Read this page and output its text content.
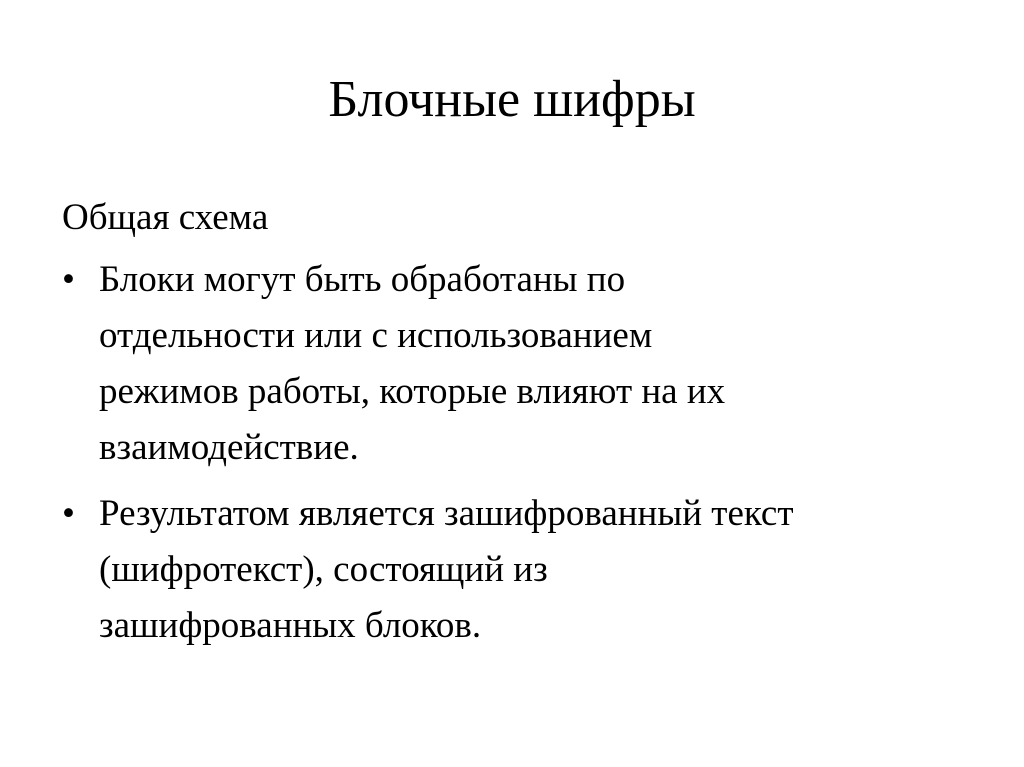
Блочные шифры

Общая схема

• Блоки могут быть обработаны по
отдельности или с использованием
режимов работы, которые влияют на их
взаимодействие.
• Результатом является зашифрованный текст
(шифротекст), состоящий из
зашифрованных блоков.
